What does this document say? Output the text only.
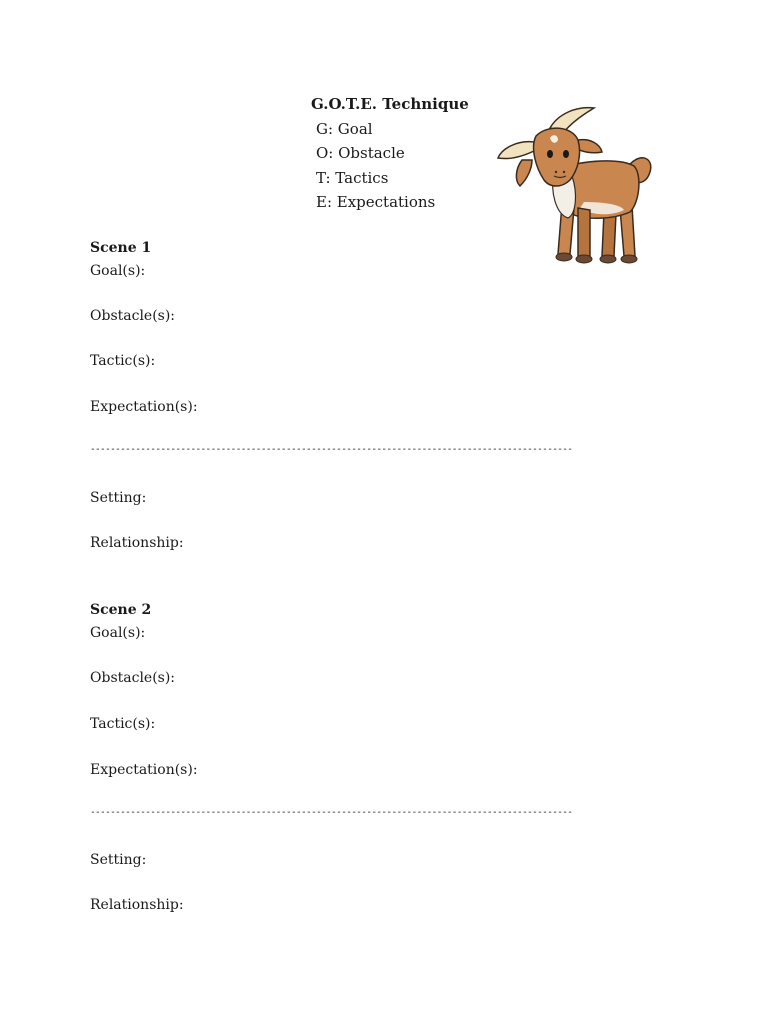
G.O.T.E. Technique
G: Goal
O: Obstacle
T: Tactics
E: Expectations
Scene 1
Goal(s):
Obstacle(s):
Tactic(s):
Expectation(s):
------------------------------------------------------------------------------------------------
Setting:
Relationship:
Scene 2
Goal(s):
Obstacle(s):
Tactic(s):
Expectation(s):
------------------------------------------------------------------------------------------------
Setting:
Relationship:
